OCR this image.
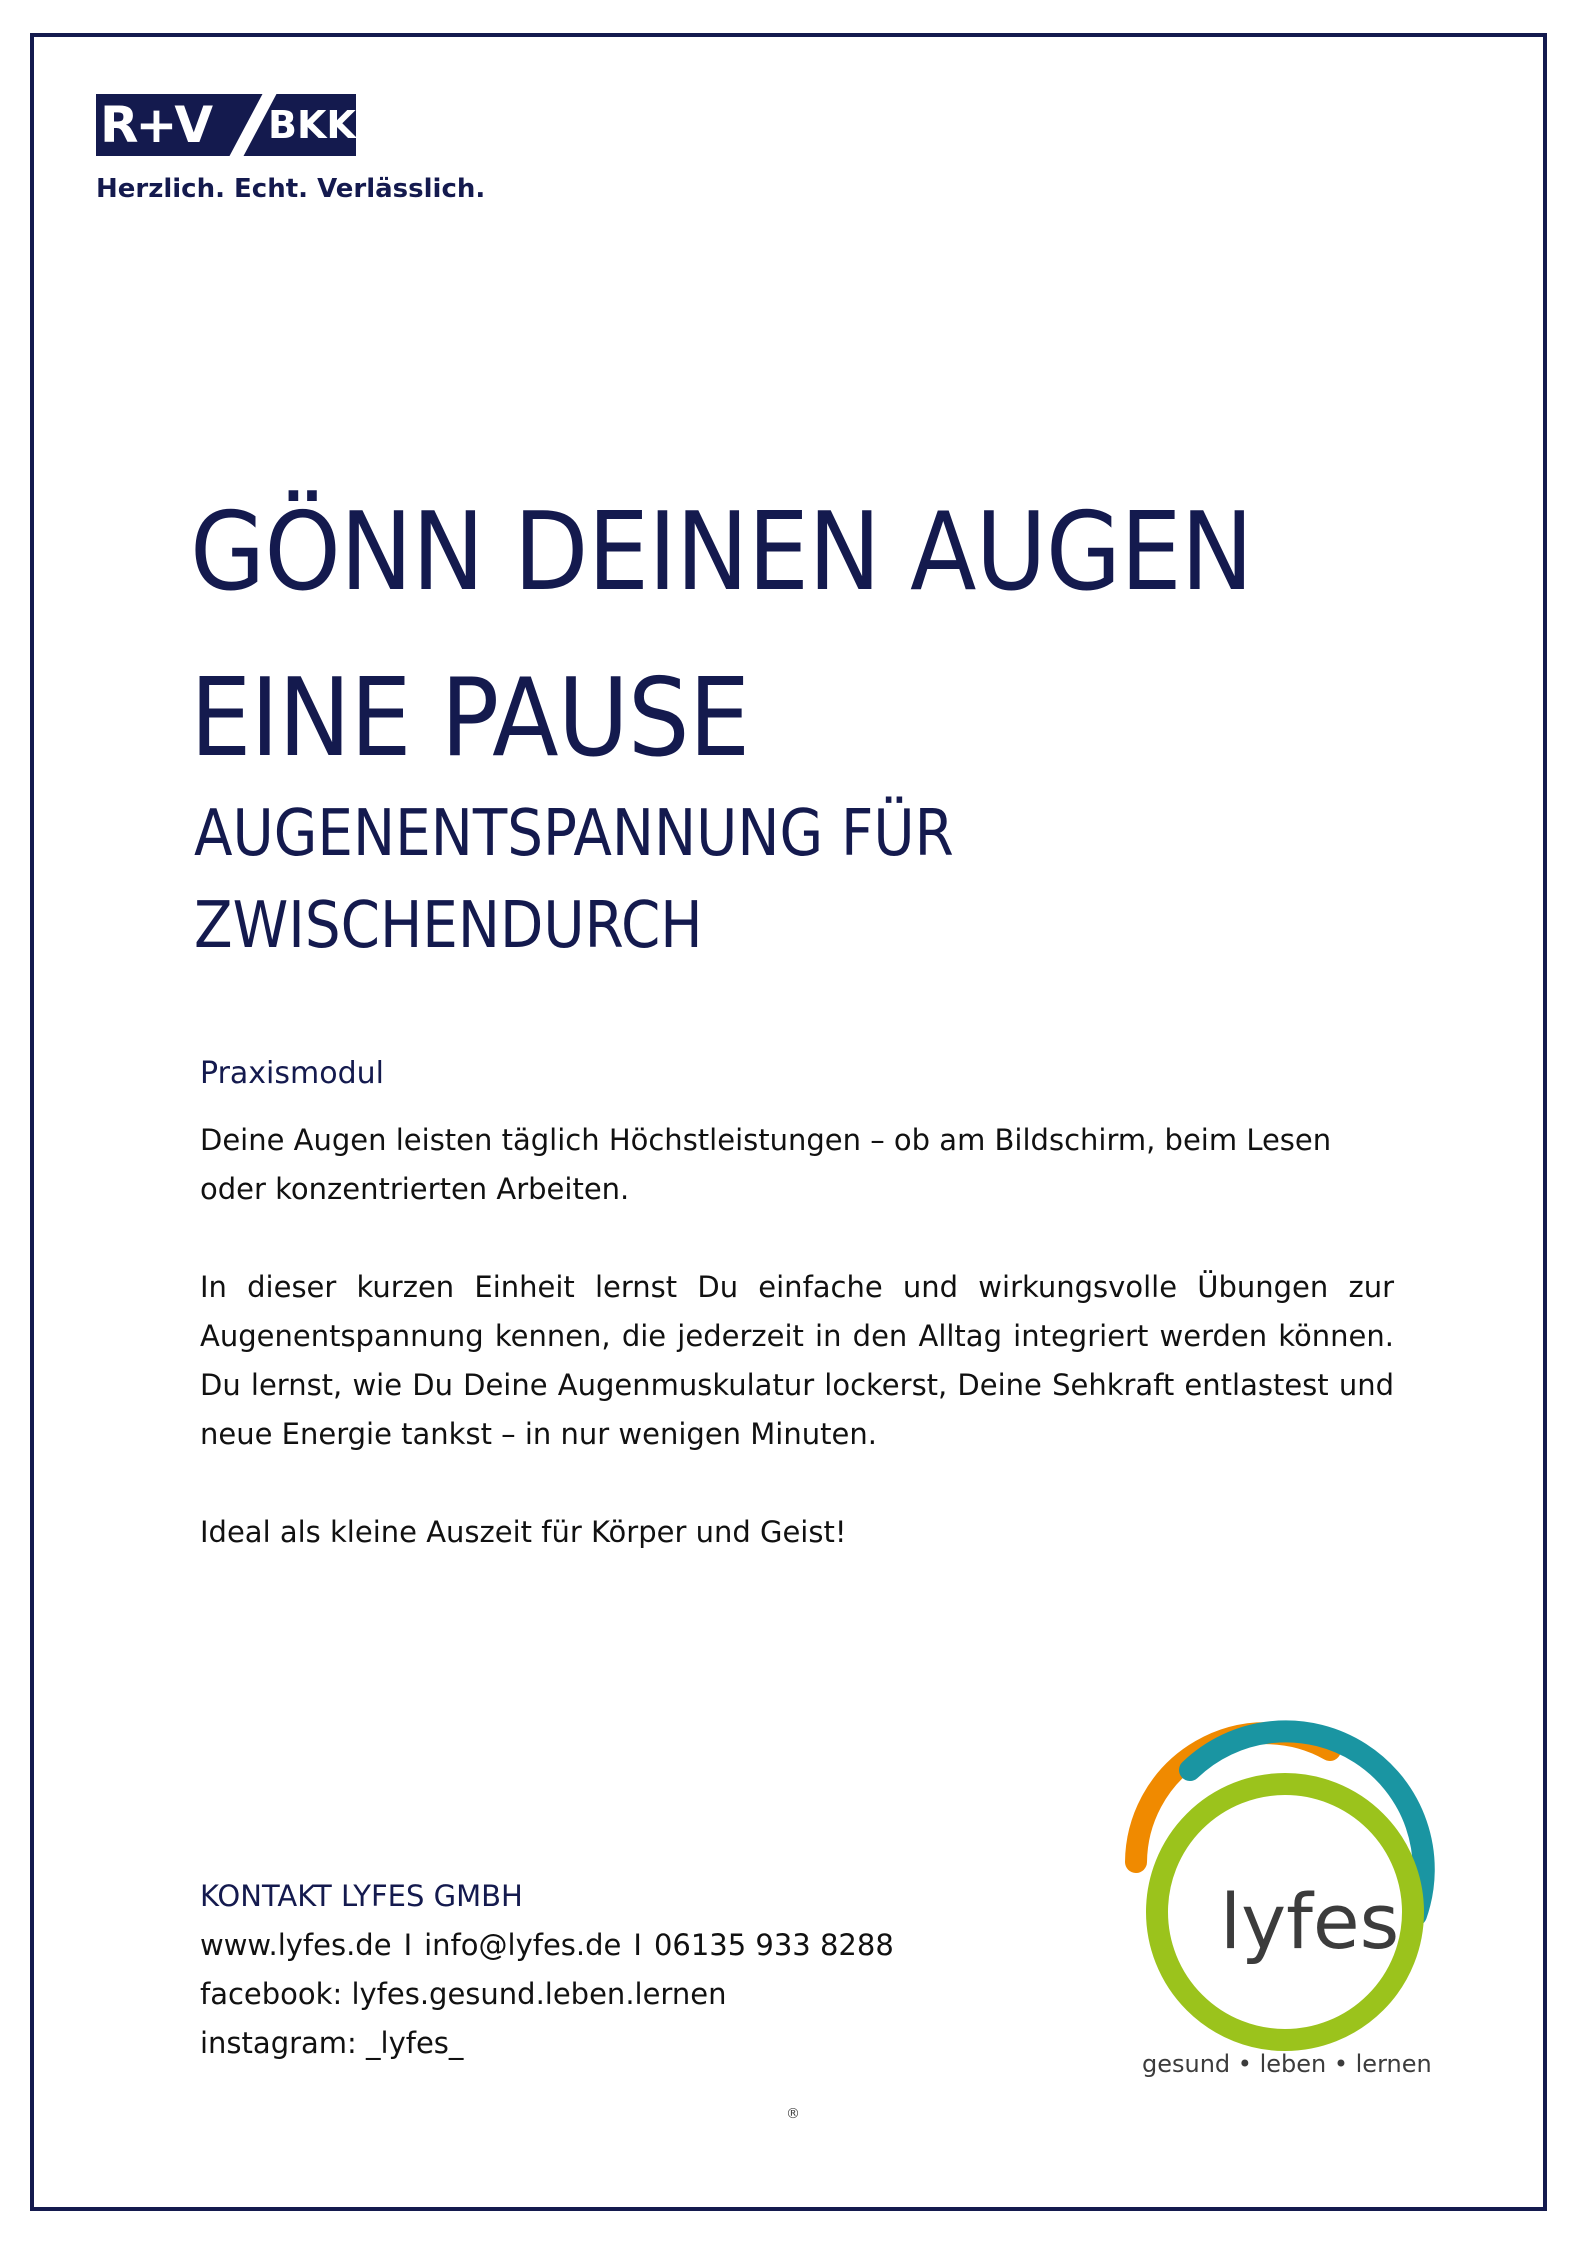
R+V BKK
Herzlich. Echt. Verlässlich.
GÖNN DEINEN AUGEN
EINE PAUSE
AUGENENTSPANNUNG FÜR
ZWISCHENDURCH
Praxismodul

Deine Augen leisten täglich Höchstleistungen – ob am Bildschirm, beim Lesen oder konzentrierten Arbeiten.

In dieser kurzen Einheit lernst Du einfache und wirkungsvolle Übungen zur Augenentspannung kennen, die jederzeit in den Alltag integriert werden können. Du lernst, wie Du Deine Augenmuskulatur lockerst, Deine Sehkraft entlastest und neue Energie tankst – in nur wenigen Minuten.

Ideal als kleine Auszeit für Körper und Geist!

KONTAKT LYFES GMBH
www.lyfes.de I info@lyfes.de I 06135 933 8288
facebook: lyfes.gesund.leben.lernen
instagram: _lyfes_
lyfes
gesund • leben • lernen
®
